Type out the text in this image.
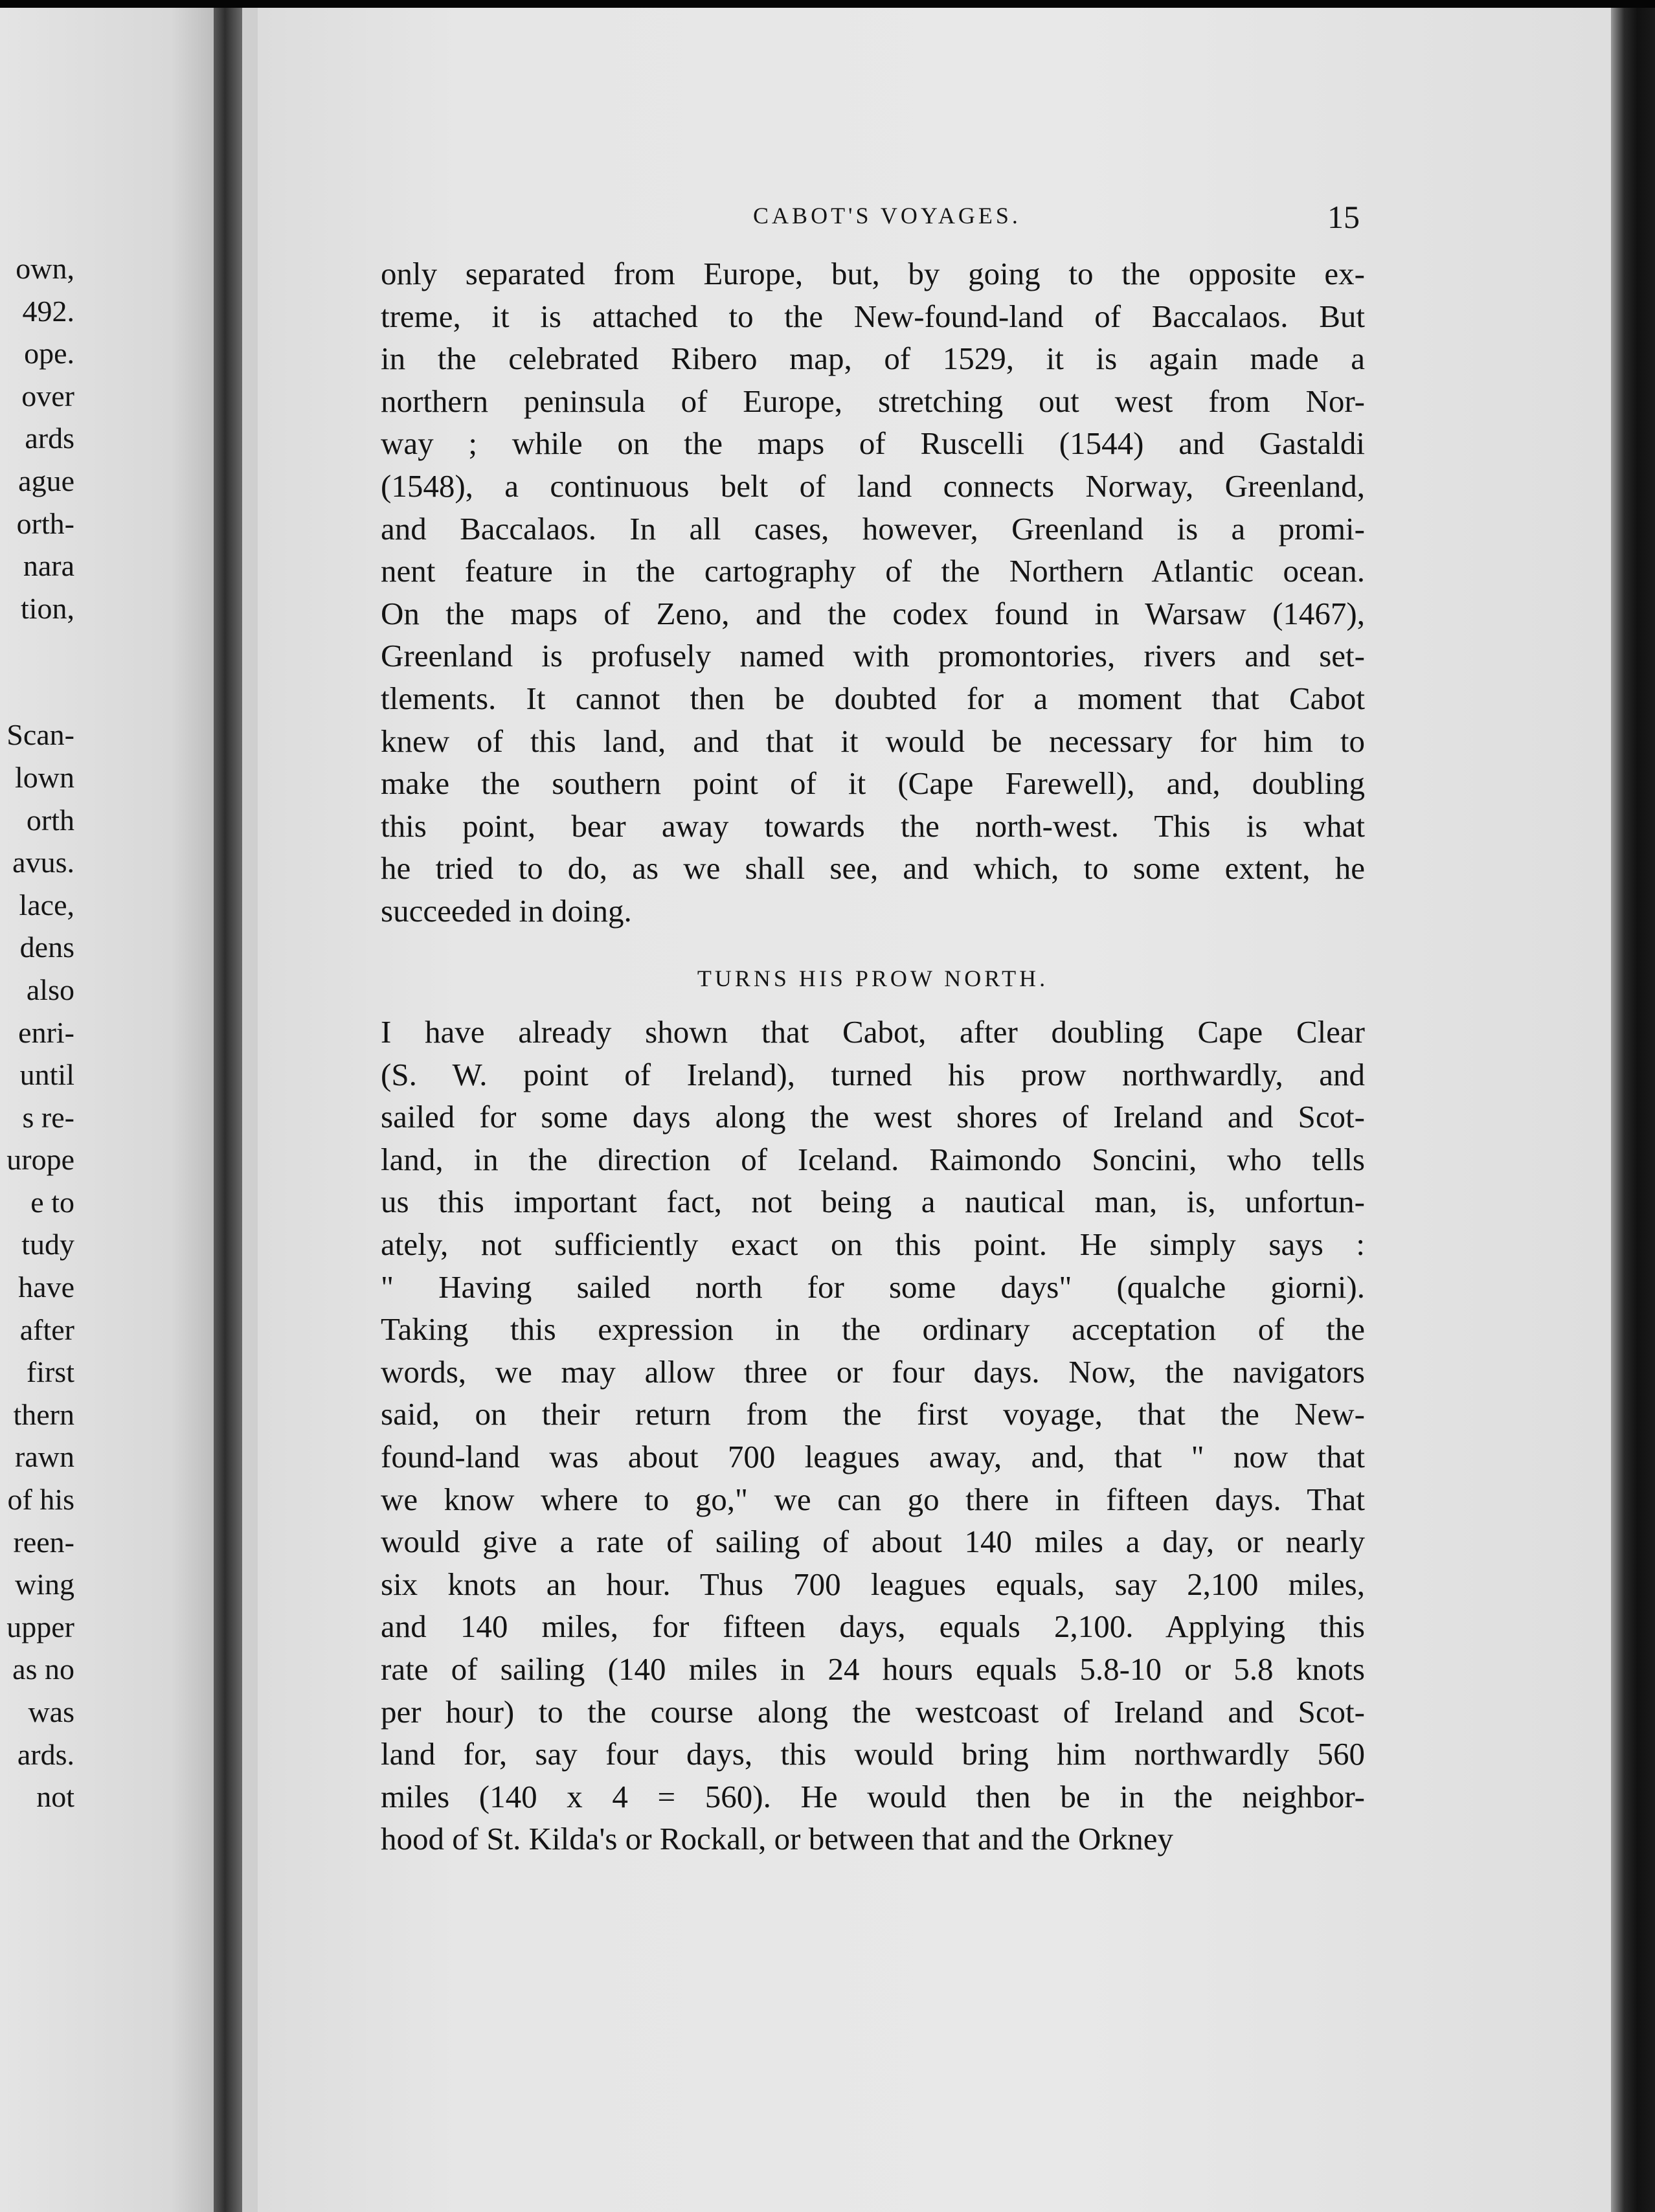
own,
492.
ope.
over
ards
ague
orth-
nara
tion,
Scan-
lown
orth
avus.
lace,
dens
also
enri-
until
s re-
urope
e to
tudy
have
after
first
thern
rawn
of his
reen-
wing
upper
as no
was
ards.
not
CABOT'S VOYAGES.	15
only separated from Europe, but, by going to the opposite ex-
treme, it is attached to the New-found-land of Baccalaos. But
in the celebrated Ribero map, of 1529, it is again made a
northern peninsula of Europe, stretching out west from Nor-
way ; while on the maps of Ruscelli (1544) and Gastaldi
(1548), a continuous belt of land connects Norway, Greenland,
and Baccalaos. In all cases, however, Greenland is a promi-
nent feature in the cartography of the Northern Atlantic ocean.
On the maps of Zeno, and the codex found in Warsaw (1467),
Greenland is profusely named with promontories, rivers and set-
tlements. It cannot then be doubted for a moment that Cabot
knew of this land, and that it would be necessary for him to
make the southern point of it (Cape Farewell), and, doubling
this point, bear away towards the north-west. This is what
he tried to do, as we shall see, and which, to some extent, he
succeeded in doing.
TURNS HIS PROW NORTH.
I have already shown that Cabot, after doubling Cape Clear
(S. W. point of Ireland), turned his prow northwardly, and
sailed for some days along the west shores of Ireland and Scot-
land, in the direction of Iceland. Raimondo Soncini, who tells
us this important fact, not being a nautical man, is, unfortun-
ately, not sufficiently exact on this point. He simply says :
" Having sailed north for some days" (qualche giorni).
Taking this expression in the ordinary acceptation of the
words, we may allow three or four days. Now, the navigators
said, on their return from the first voyage, that the New-
found-land was about 700 leagues away, and, that " now that
we know where to go," we can go there in fifteen days. That
would give a rate of sailing of about 140 miles a day, or nearly
six knots an hour. Thus 700 leagues equals, say 2,100 miles,
and 140 miles, for fifteen days, equals 2,100. Applying this
rate of sailing (140 miles in 24 hours equals 5.8-10 or 5.8 knots
per hour) to the course along the westcoast of Ireland and Scot-
land for, say four days, this would bring him northwardly 560
miles (140 x 4 = 560). He would then be in the neighbor-
hood of St. Kilda's or Rockall, or between that and the Orkney
